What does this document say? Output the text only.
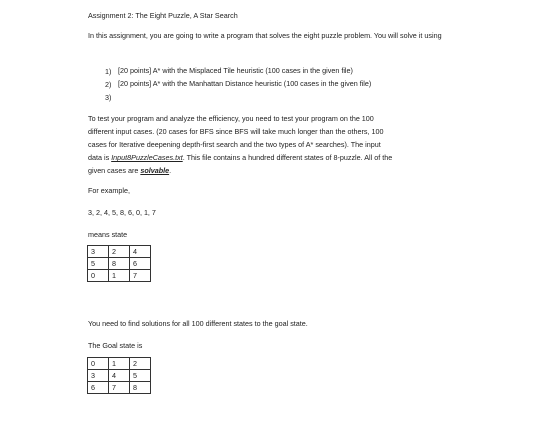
Assignment 2: The Eight Puzzle, A Star Search
In this assignment, you are going to write a program that solves the eight puzzle problem. You will solve it using
1) [20 points] A* with the Misplaced Tile heuristic (100 cases in the given file)
2) [20 points] A* with the Manhattan Distance heuristic (100 cases in the given file)
3)
To test your program and analyze the efficiency, you need to test your program on the 100
different input cases. (20 cases for BFS since BFS will take much longer than the others, 100
cases for Iterative deepening depth-first search and the two types of A* searches). The input
data is Input8PuzzleCases.txt. This file contains a hundred different states of 8-puzzle. All of the
given cases are solvable.
For example,
3, 2, 4, 5, 8, 6, 0, 1, 7
means state
3	2	4
5	8	6
0	1	7
You need to find solutions for all 100 different states to the goal state.
The Goal state is
0	1	2
3	4	5
6	7	8
